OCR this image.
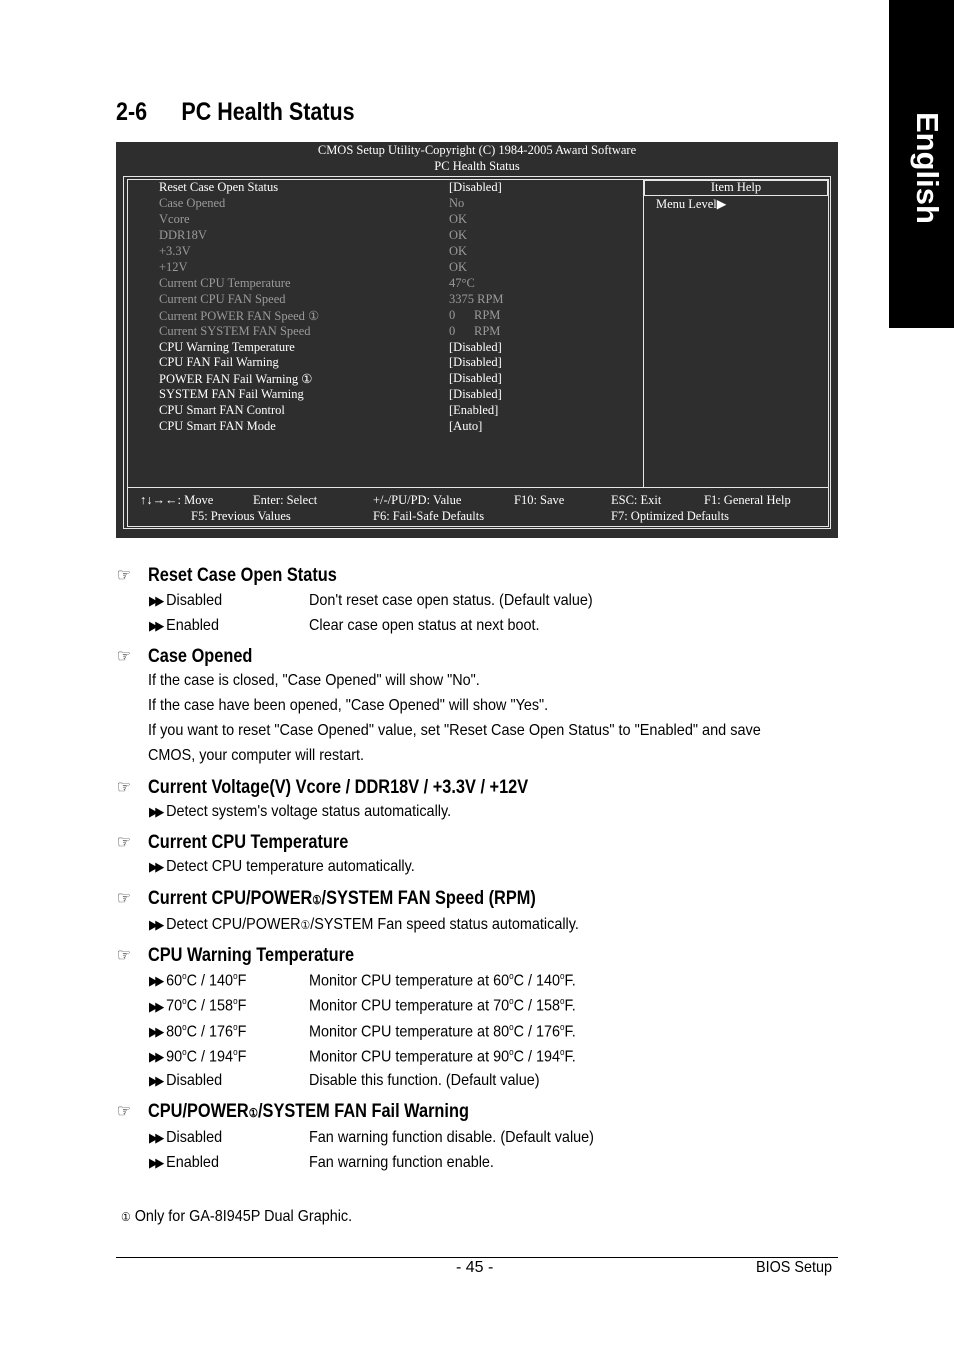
English
2-6 PC Health Status
CMOS Setup Utility-Copyright (C) 1984-2005 Award Software
PC Health Status
Item Help
Menu Level▶
Reset Case Open Status	[Disabled]
Case Opened	No
Vcore	OK
DDR18V	OK
+3.3V	OK
+12V	OK
Current CPU Temperature	47°C
Current CPU FAN Speed	3375 RPM
Current POWER FAN Speed ①	0      RPM
Current SYSTEM FAN Speed	0      RPM
CPU Warning Temperature	[Disabled]
CPU FAN Fail Warning	[Disabled]
POWER FAN Fail Warning ①	[Disabled]
SYSTEM FAN Fail Warning	[Disabled]
CPU Smart FAN Control	[Enabled]
CPU Smart FAN Mode	[Auto]
↑↓→←: Move	Enter: Select	+/-/PU/PD: Value	F10: Save	ESC: Exit	F1: General Help
F5: Previous Values	F6: Fail-Safe Defaults	F7: Optimized Defaults
☞ Reset Case Open Status
▶▶ Disabled	Don't reset case open status. (Default value)
▶▶ Enabled	Clear case open status at next boot.
☞ Case Opened
If the case is closed, "Case Opened" will show "No".
If the case have been opened, "Case Opened" will show "Yes".
If you want to reset "Case Opened" value, set "Reset Case Open Status" to "Enabled" and save
CMOS, your computer will restart.
☞ Current Voltage(V) Vcore / DDR18V / +3.3V / +12V
▶▶ Detect system's voltage status automatically.
☞ Current CPU Temperature
▶▶ Detect CPU temperature automatically.
☞ Current CPU/POWER①/SYSTEM FAN Speed (RPM)
▶▶ Detect CPU/POWER①/SYSTEM Fan speed status automatically.
☞ CPU Warning Temperature
▶▶ 60$^o$C / 140$^o$F	Monitor CPU temperature at 60$^o$C / 140$^o$F.
▶▶ 70$^o$C / 158$^o$F	Monitor CPU temperature at 70$^o$C / 158$^o$F.
▶▶ 80$^o$C / 176$^o$F	Monitor CPU temperature at 80$^o$C / 176$^o$F.
▶▶ 90$^o$C / 194$^o$F	Monitor CPU temperature at 90$^o$C / 194$^o$F.
▶▶ Disabled	Disable this function. (Default value)
☞ CPU/POWER①/SYSTEM FAN Fail Warning
▶▶ Disabled	Fan warning function disable. (Default value)
▶▶ Enabled	Fan warning function enable.
① Only for GA-8I945P Dual Graphic.
- 45 -	BIOS Setup
